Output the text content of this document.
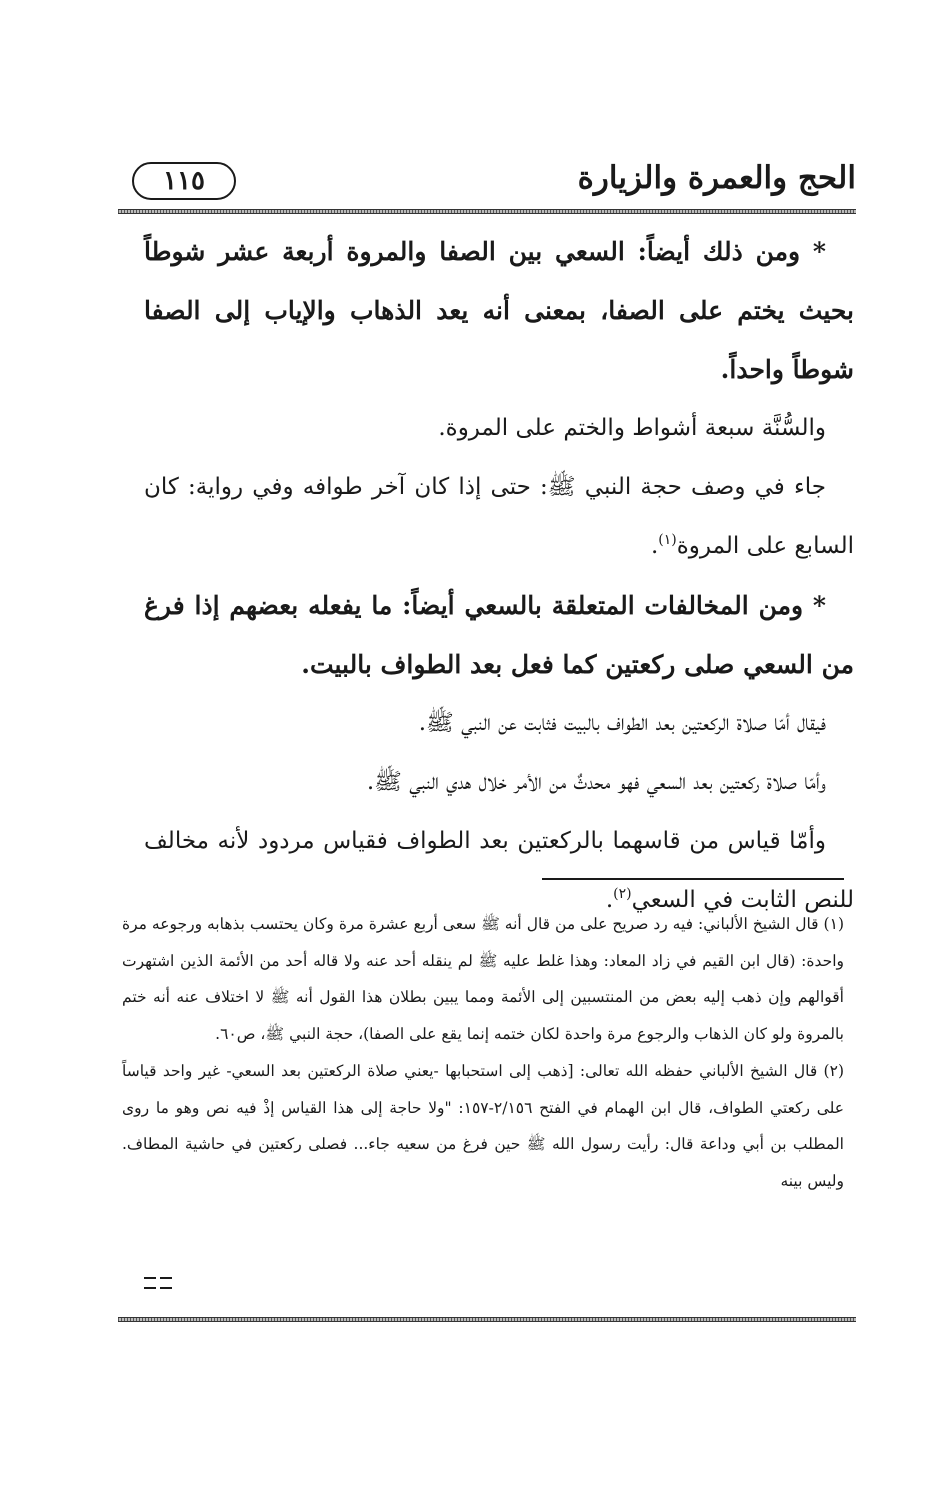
الحج والعمرة والزيارة
١١٥

* ومن ذلك أيضاً: السعي بين الصفا والمروة أربعة عشر شوطاً بحيث يختم على الصفا، بمعنى أنه يعد الذهاب والإياب إلى الصفا شوطاً واحداً.

والسُّنَّة سبعة أشواط والختم على المروة.

جاء في وصف حجة النبي ﷺ: حتى إذا كان آخر طوافه وفي رواية: كان السابع على المروة$^{(١)}$.

* ومن المخالفات المتعلقة بالسعي أيضاً: ما يفعله بعضهم إذا فرغ من السعي صلى ركعتين كما فعل بعد الطواف بالبيت.

فيقال أمّا صلاة الركعتين بعد الطواف بالبيت فثابت عن النبي ﷺ.

وأمّا صلاة ركعتين بعد السعي فهو محدثٌ من الأمر خلال هدي النبي ﷺ.

وأمّا قياس من قاسهما بالركعتين بعد الطواف فقياس مردود لأنه مخالف للنص الثابت في السعي$^{(٢)}$.

(١) قال الشيخ الألباني: فيه رد صريح على من قال أنه ﷺ سعى أربع عشرة مرة وكان يحتسب بذهابه ورجوعه مرة واحدة: (قال ابن القيم في زاد المعاد: وهذا غلط عليه ﷺ لم ينقله أحد عنه ولا قاله أحد من الأئمة الذين اشتهرت أقوالهم وإن ذهب إليه بعض من المنتسبين إلى الأئمة ومما يبين بطلان هذا القول أنه ﷺ لا اختلاف عنه أنه ختم بالمروة ولو كان الذهاب والرجوع مرة واحدة لكان ختمه إنما يقع على الصفا)، حجة النبي ﷺ، ص٦٠.

(٢) قال الشيخ الألباني حفظه الله تعالى: [ذهب إلى استحبابها -يعني صلاة الركعتين بعد السعي- غير واحد قياساً على ركعتي الطواف، قال ابن الهمام في الفتح ٢/١٥٦-١٥٧: "ولا حاجة إلى هذا القياس إذْ فيه نص وهو ما روى المطلب بن أبي وداعة قال: رأيت رسول الله ﷺ حين فرغ من سعيه جاء... فصلى ركعتين في حاشية المطاف. وليس بينه
